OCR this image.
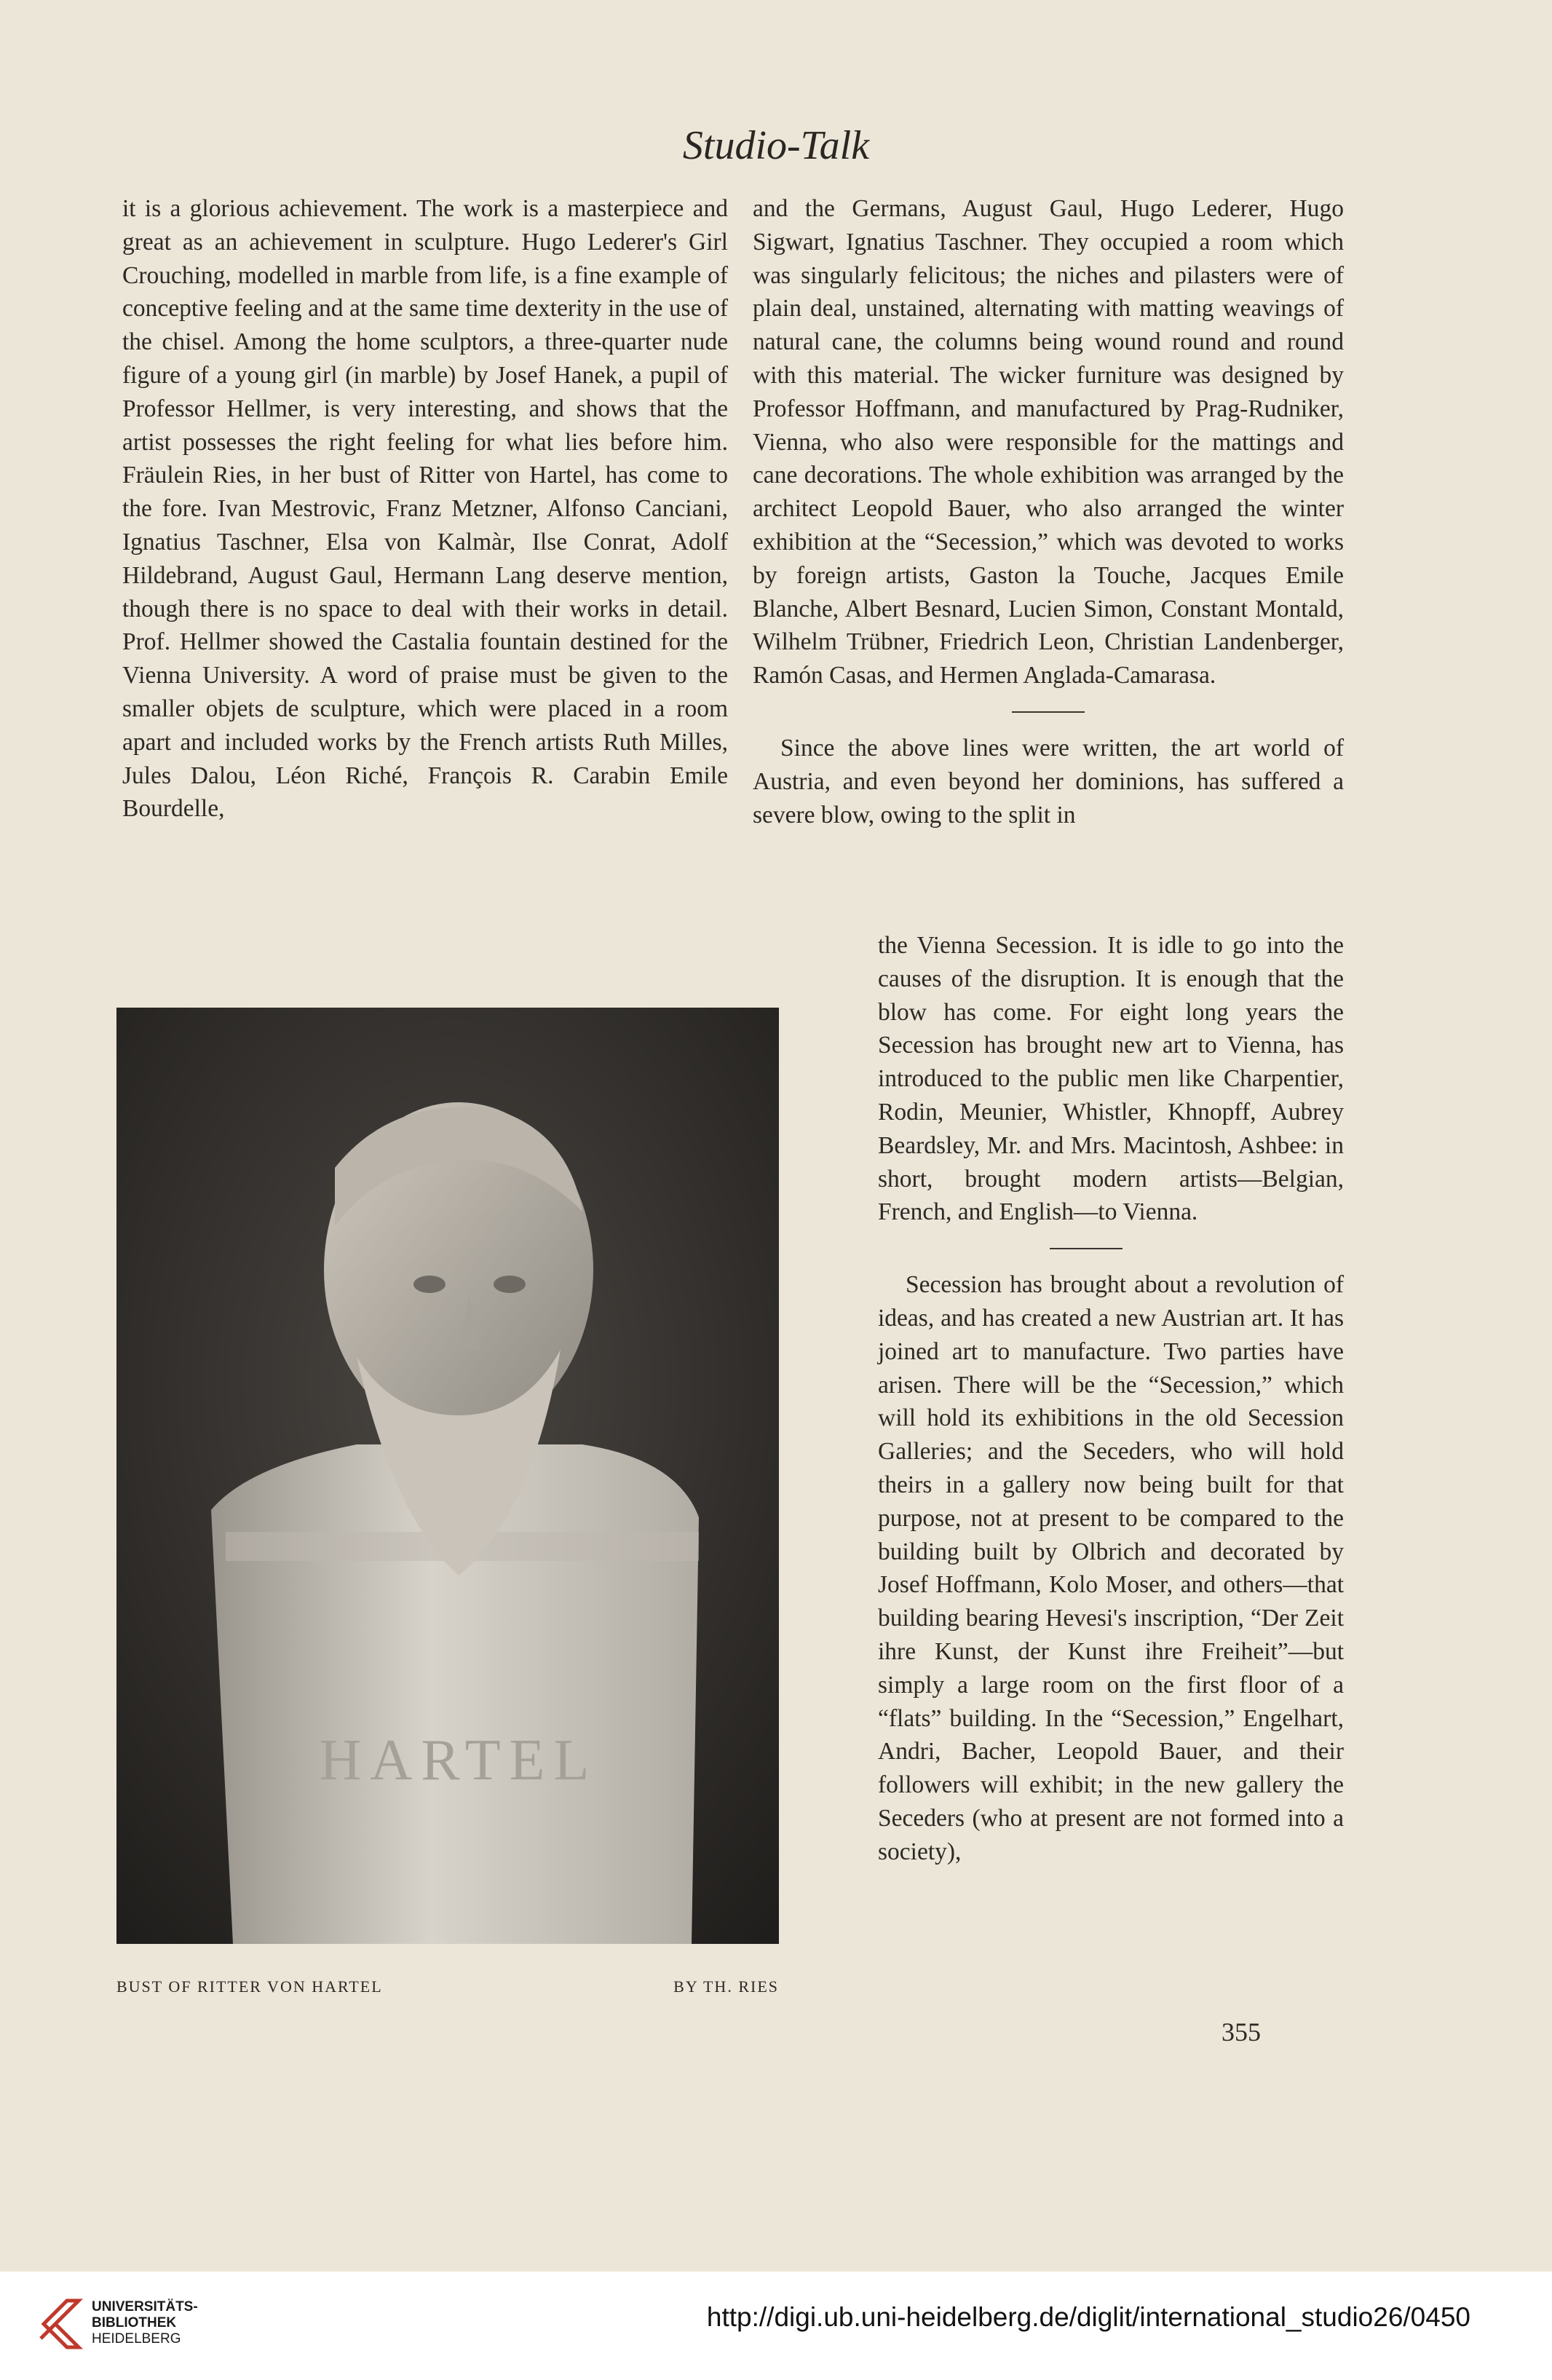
Studio-Talk

it is a glorious achievement. The work is a masterpiece and great as an achievement in sculpture. Hugo Lederer's Girl Crouching, modelled in marble from life, is a fine example of conceptive feeling and at the same time dexterity in the use of the chisel. Among the home sculptors, a three-quarter nude figure of a young girl (in marble) by Josef Hanek, a pupil of Professor Hellmer, is very interesting, and shows that the artist possesses the right feeling for what lies before him. Fräulein Ries, in her bust of Ritter von Hartel, has come to the fore. Ivan Mestrovic, Franz Metzner, Alfonso Canciani, Ignatius Taschner, Elsa von Kalmàr, Ilse Conrat, Adolf Hildebrand, August Gaul, Hermann Lang deserve mention, though there is no space to deal with their works in detail. Prof. Hellmer showed the Castalia fountain destined for the Vienna University. A word of praise must be given to the smaller objets de sculpture, which were placed in a room apart and included works by the French artists Ruth Milles, Jules Dalou, Léon Riché, François R. Carabin Emile Bourdelle,

and the Germans, August Gaul, Hugo Lederer, Hugo Sigwart, Ignatius Taschner. They occupied a room which was singularly felicitous; the niches and pilasters were of plain deal, unstained, alternating with matting weavings of natural cane, the columns being wound round and round with this material. The wicker furniture was designed by Professor Hoffmann, and manufactured by Prag-Rudniker, Vienna, who also were responsible for the mattings and cane decorations. The whole exhibition was arranged by the architect Leopold Bauer, who also arranged the winter exhibition at the “Secession,” which was devoted to works by foreign artists, Gaston la Touche, Jacques Emile Blanche, Albert Besnard, Lucien Simon, Constant Montald, Wilhelm Trübner, Friedrich Leon, Christian Landenberger, Ramón Casas, and Hermen Anglada-Camarasa.

Since the above lines were written, the art world of Austria, and even beyond her dominions, has suffered a severe blow, owing to the split in

the Vienna Secession. It is idle to go into the causes of the disruption. It is enough that the blow has come. For eight long years the Secession has brought new art to Vienna, has introduced to the public men like Charpentier, Rodin, Meunier, Whistler, Khnopff, Aubrey Beardsley, Mr. and Mrs. Macintosh, Ashbee: in short, brought modern artists—Belgian, French, and English—to Vienna.

Secession has brought about a revolution of ideas, and has created a new Austrian art. It has joined art to manufacture. Two parties have arisen. There will be the “Secession,” which will hold its exhibitions in the old Secession Galleries; and the Seceders, who will hold theirs in a gallery now being built for that purpose, not at present to be compared to the building built by Olbrich and decorated by Josef Hoffmann, Kolo Moser, and others—that building bearing Hevesi's inscription, “Der Zeit ihre Kunst, der Kunst ihre Freiheit”—but simply a large room on the first floor of a “flats” building. In the “Secession,” Engelhart, Andri, Bacher, Leopold Bauer, and their followers will exhibit; in the new gallery the Seceders (who at present are not formed into a society),

HARTEL
BUST OF RITTER VON HARTEL	BY TH. RIES
355
UNIVERSITÄTS-
BIBLIOTHEK
HEIDELBERG
http://digi.ub.uni-heidelberg.de/diglit/international_studio26/0450
